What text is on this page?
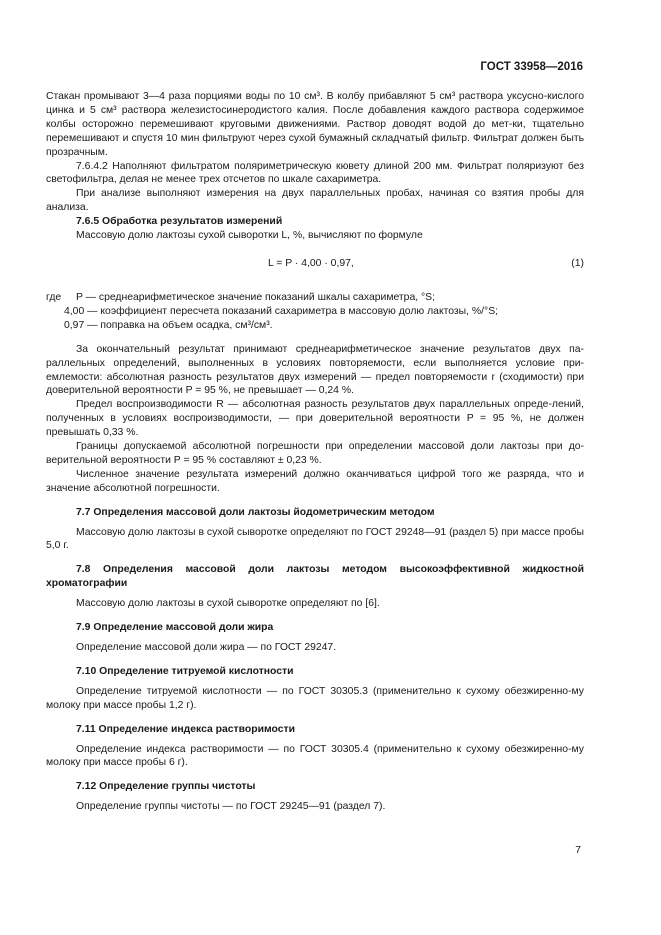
ГОСТ 33958—2016

Стакан промывают 3—4 раза порциями воды по 10 см³. В колбу прибавляют 5 см³ раствора уксусно-кислого цинка и 5 см³ раствора железистосинеродистого калия. После добавления каждого раствора содержимое колбы осторожно перемешивают круговыми движениями. Раствор доводят водой до мет-ки, тщательно перемешивают и спустя 10 мин фильтруют через сухой бумажный складчатый фильтр. Фильтрат должен быть прозрачным.

7.6.4.2 Наполняют фильтратом поляриметрическую кювету длиной 200 мм. Фильтрат поляризуют без светофильтра, делая не менее трех отсчетов по шкале сахариметра.

При анализе выполняют измерения на двух параллельных пробах, начиная со взятия пробы для анализа.

7.6.5 Обработка результатов измерений

Массовую долю лактозы сухой сыворотки L, %, вычисляют по формуле

L = P · 4,00 · 0,97,	(1)
где	P — среднеарифметическое значение показаний шкалы сахариметра, °S;

4,00 — коэффициент пересчета показаний сахариметра в массовую долю лактозы, %/°S;

0,97 — поправка на объем осадка, см³/см³.

За окончательный результат принимают среднеарифметическое значение результатов двух па-раллельных определений, выполненных в условиях повторяемости, если выполняется условие при-емлемости: абсолютная разность результатов двух измерений — предел повторяемости r (сходимости) при доверительной вероятности P = 95 %, не превышает — 0,24 %.

Предел воспроизводимости R — абсолютная разность результатов двух параллельных опреде-лений, полученных в условиях воспроизводимости, — при доверительной вероятности P = 95 %, не должен превышать 0,33 %.

Границы допускаемой абсолютной погрешности при определении массовой доли лактозы при до-верительной вероятности P = 95 % составляют ± 0,23 %.

Численное значение результата измерений должно оканчиваться цифрой того же разряда, что и значение абсолютной погрешности.

7.7 Определения массовой доли лактозы йодометрическим методом

Массовую долю лактозы в сухой сыворотке определяют по ГОСТ 29248—91 (раздел 5) при массе пробы 5,0 г.

7.8 Определения массовой доли лактозы методом высокоэффективной жидкостной хроматографии

Массовую долю лактозы в сухой сыворотке определяют по [6].

7.9 Определение массовой доли жира

Определение массовой доли жира — по ГОСТ 29247.

7.10 Определение титруемой кислотности

Определение титруемой кислотности — по ГОСТ 30305.3 (применительно к сухому обезжиренно-му молоку при массе пробы 1,2 г).

7.11 Определение индекса растворимости

Определение индекса растворимости — по ГОСТ 30305.4 (применительно к сухому обезжиренно-му молоку при массе пробы 6 г).

7.12 Определение группы чистоты

Определение группы чистоты — по ГОСТ 29245—91 (раздел 7).

7
